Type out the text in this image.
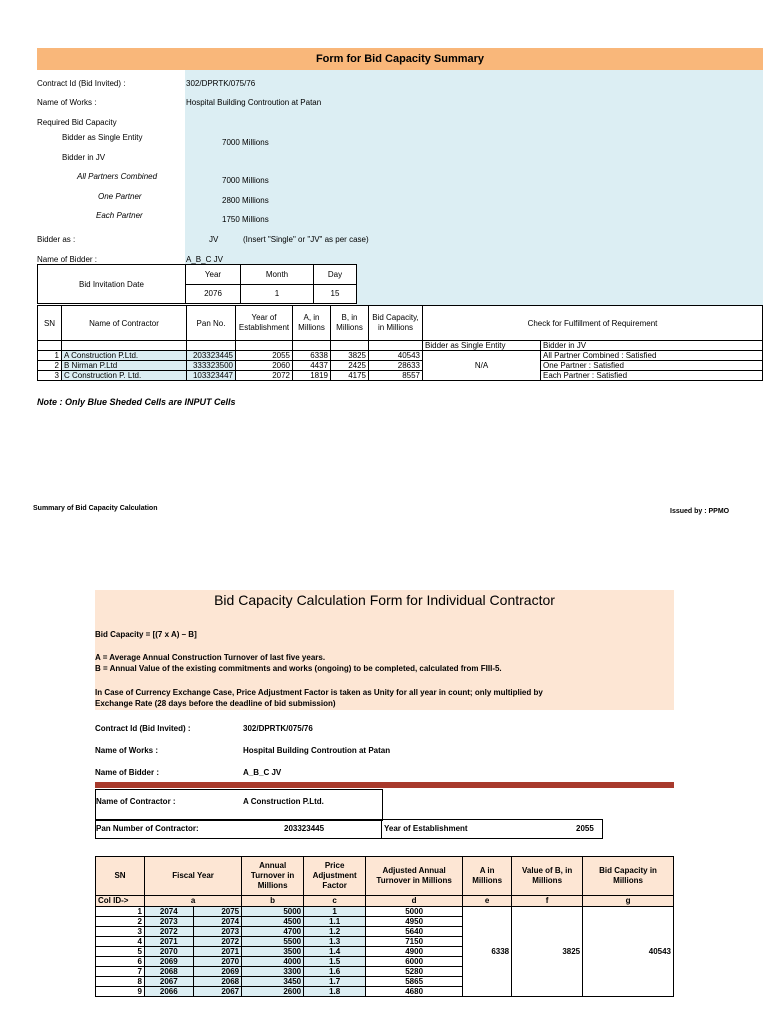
Form for Bid Capacity Summary
Contract Id (Bid Invited) :	302/DPRTK/075/76
Name of Works :	Hospital Building Controution at Patan
Required Bid Capacity
Bidder as Single Entity
7000 Millions
Bidder in JV
All Partners Combined	7000 Millions
One Partner	2800 Millions
Each Partner	1750 Millions
Bidder as :	JV	(Insert "Single" or "JV" as per case)
Name of Bidder :	A_B_C JV
Bid Invitation Date	Year	Month	Day
	2076	1	15
SN	Name of Contractor	Pan No.	Year of Establishment	A, in Millions	B, in Millions	Bid Capacity, in Millions	Check for Fulfillment of Requirement	
							Bidder as Single Entity	Bidder in JV
1	A Construction P.Ltd.	203323445	2055	6338	3825	40543	N/A	All Partner Combined : Satisfied
2	B Nirman P.Ltd	333323500	2060	4437	2425	28633		One Partner : Satisfied
3	C Construction P. Ltd.	103323447	2072	1819	4175	8557		Each Partner : Satisfied
Note : Only Blue Sheded Cells are INPUT Cells
Summary of Bid Capacity Calculation	Issued by : PPMO
Bid Capacity Calculation Form for Individual Contractor
Bid Capacity = [(7 x A) – B]
A = Average Annual Construction Turnover of last five years.
B = Annual Value of the existing commitments and works (ongoing) to be completed, calculated from FIII-5.
In Case of Currency Exchange Case, Price Adjustment Factor is taken as Unity for all year in count; only multiplied by
Exchange Rate (28 days before the deadline of bid submission)
Contract Id (Bid Invited) :	302/DPRTK/075/76
Name of Works :	Hospital Building Controution at Patan
Name of Bidder :	A_B_C JV
Name of Contractor :	A Construction P.Ltd.
Pan Number of Contractor:	203323445	Year of Establishment	2055
SN	Fiscal Year		Annual Turnover in Millions	Price Adjustment Factor	Adjusted Annual Turnover in Millions	A in Millions	Value of B, in Millions	Bid Capacity in Millions
Col ID->	a		b	c	d	e	f	g
1	2074	2075	5000	1	5000	6338	3825	40543
2	2073	2074	4500	1.1	4950			
3	2072	2073	4700	1.2	5640			
4	2071	2072	5500	1.3	7150			
5	2070	2071	3500	1.4	4900			
6	2069	2070	4000	1.5	6000			
7	2068	2069	3300	1.6	5280			
8	2067	2068	3450	1.7	5865			
9	2066	2067	2600	1.8	4680			
